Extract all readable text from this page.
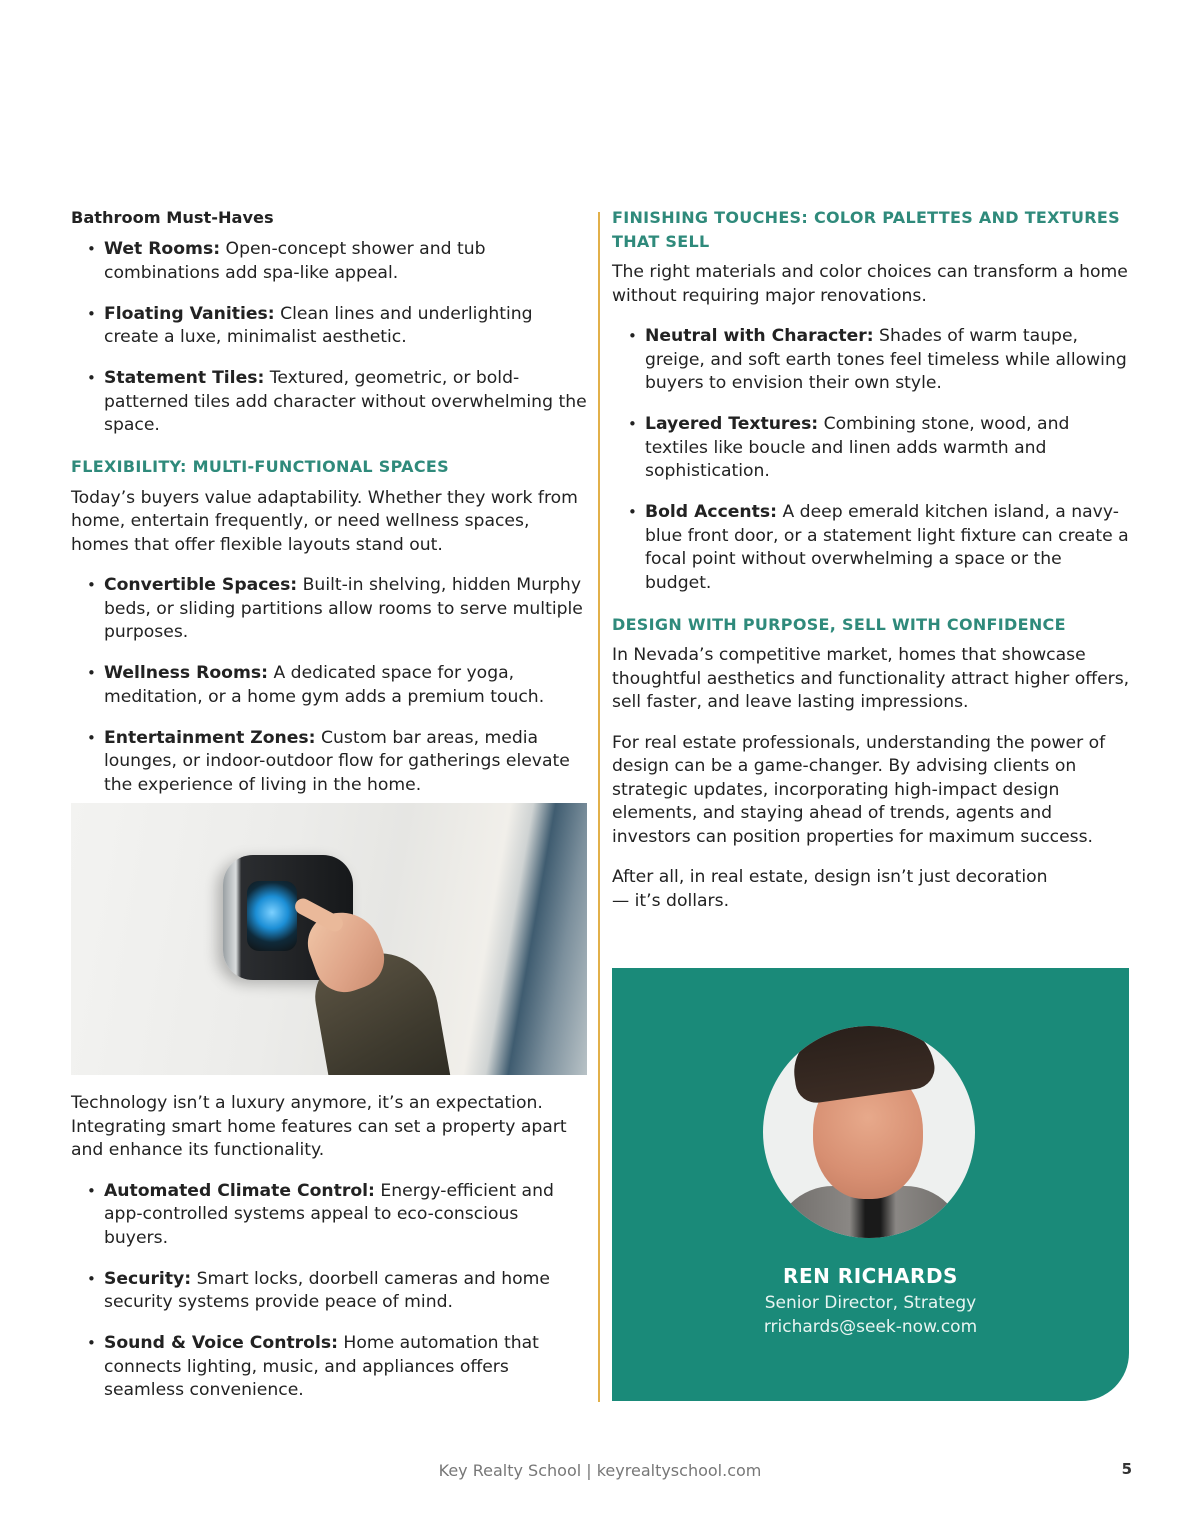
Bathroom Must-Haves
• Wet Rooms: Open-concept shower and tub combinations add spa-like appeal.
• Floating Vanities: Clean lines and underlighting create a luxe, minimalist aesthetic.
• Statement Tiles: Textured, geometric, or bold-patterned tiles add character without overwhelming the space.
FLEXIBILITY: MULTI-FUNCTIONAL SPACES

Today’s buyers value adaptability. Whether they work from home, entertain frequently, or need wellness spaces, homes that offer flexible layouts stand out.

• Convertible Spaces: Built-in shelving, hidden Murphy beds, or sliding partitions allow rooms to serve multiple purposes.
• Wellness Rooms: A dedicated space for yoga, meditation, or a home gym adds a premium touch.
• Entertainment Zones: Custom bar areas, media lounges, or indoor-outdoor flow for gatherings elevate the experience of living in the home.

Technology isn’t a luxury anymore, it’s an expectation. Integrating smart home features can set a property apart and enhance its functionality.

• Automated Climate Control: Energy-efficient and app-controlled systems appeal to eco-conscious buyers.
• Security: Smart locks, doorbell cameras and home security systems provide peace of mind.
• Sound & Voice Controls: Home automation that connects lighting, music, and appliances offers seamless convenience.
FINISHING TOUCHES: COLOR PALETTES AND TEXTURES THAT SELL

The right materials and color choices can transform a home without requiring major renovations.

• Neutral with Character: Shades of warm taupe, greige, and soft earth tones feel timeless while allowing buyers to envision their own style.
• Layered Textures: Combining stone, wood, and textiles like boucle and linen adds warmth and sophistication.
• Bold Accents: A deep emerald kitchen island, a navy-blue front door, or a statement light fixture can create a focal point without overwhelming a space or the budget.
DESIGN WITH PURPOSE, SELL WITH CONFIDENCE

In Nevada’s competitive market, homes that showcase thoughtful aesthetics and functionality attract higher offers, sell faster, and leave lasting impressions.

For real estate professionals, understanding the power of design can be a game-changer. By advising clients on strategic updates, incorporating high-impact design elements, and staying ahead of trends, agents and investors can position properties for maximum success.

After all, in real estate, design isn’t just decoration— it’s dollars.

REN RICHARDS
Senior Director, Strategy
rrichards@seek-now.com
Key Realty School | keyrealtyschool.com	5
